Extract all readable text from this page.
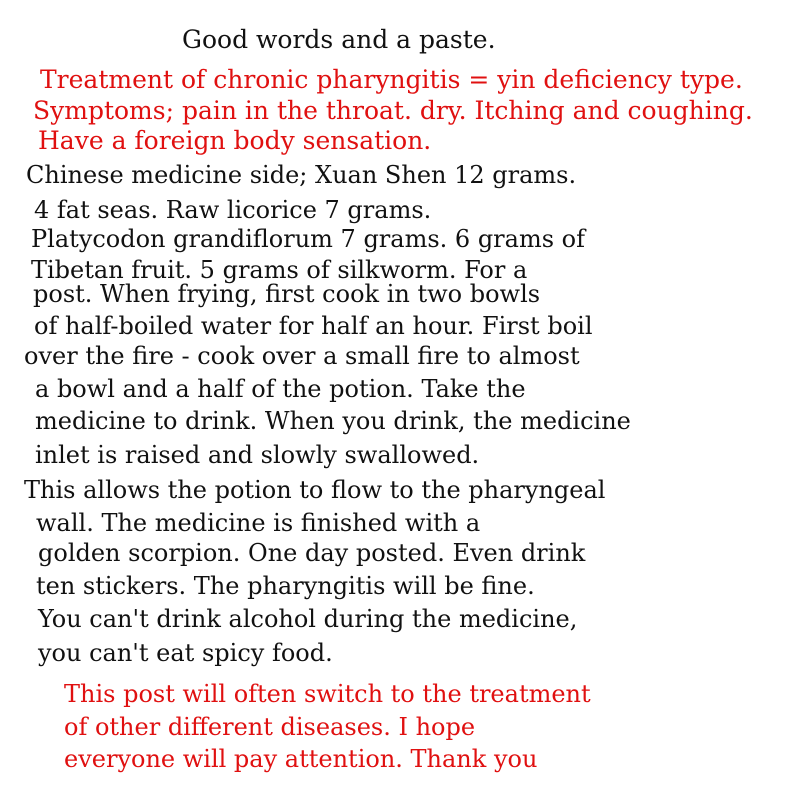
Good words and a paste.

Treatment of chronic pharyngitis = yin deficiency type.

Symptoms; pain in the throat. dry. Itching and coughing.

Have a foreign body sensation.

Chinese medicine side; Xuan Shen 12 grams.

4 fat seas. Raw licorice 7 grams.

Platycodon grandiflorum 7 grams. 6 grams of

Tibetan fruit. 5 grams of silkworm. For a

post. When frying, first cook in two bowls

of half-boiled water for half an hour. First boil

over the fire - cook over a small fire to almost

a bowl and a half of the potion. Take the

medicine to drink. When you drink, the medicine

inlet is raised and slowly swallowed.

This allows the potion to flow to the pharyngeal

wall. The medicine is finished with a

golden scorpion. One day posted. Even drink

ten stickers. The pharyngitis will be fine.

You can't drink alcohol during the medicine,

you can't eat spicy food.

This post will often switch to the treatment

of other different diseases. I hope

everyone will pay attention. Thank you
